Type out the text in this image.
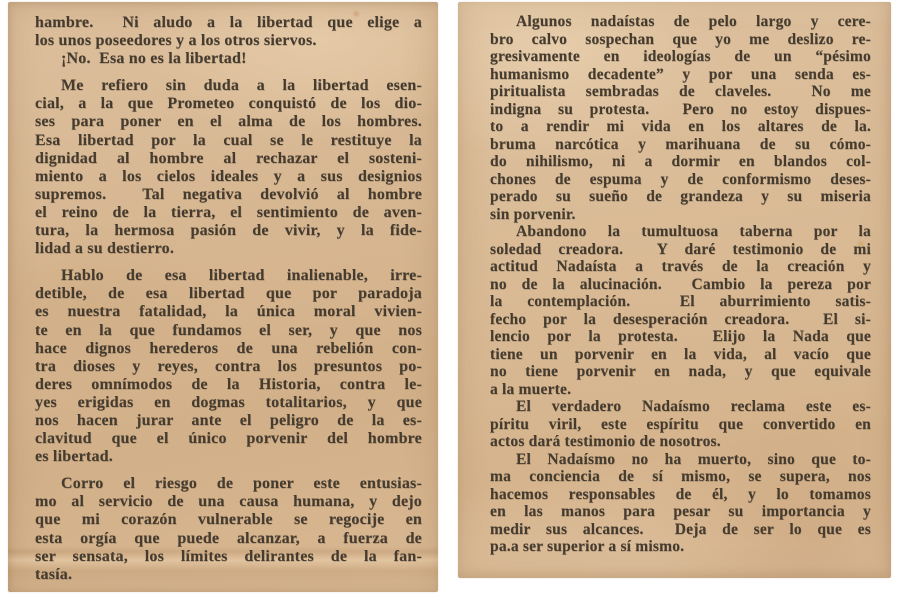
hambre.  Ni aludo a la libertad que elige a
los unos poseedores y a los otros siervos.
¡No.  Esa no es la libertad!
Me refiero sin duda a la libertad esen-
cial, a la que Prometeo conquistó de los dio-
ses para poner en el alma de los hombres.
Esa libertad por la cual se le restituye la
dignidad al hombre al rechazar el sosteni-
miento a los cielos ideales y a sus designios
supremos.  Tal negativa devolvió al hombre
el reino de la tierra, el sentimiento de aven-
tura, la hermosa pasión de vivir, y la fide-
lidad a su destierro.
Hablo de esa libertad inalienable, irre-
detible, de esa libertad que por paradoja
es nuestra fatalidad, la única moral vivien-
te en la que fundamos el ser, y que nos
hace dignos herederos de una rebelión con-
tra dioses y reyes, contra los presuntos po-
deres omnímodos de la Historia, contra le-
yes erigidas en dogmas totalitarios, y que
nos hacen jurar ante el peligro de la es-
clavitud que el único porvenir del hombre
es libertad.
Corro el riesgo de poner este entusias-
mo al servicio de una causa humana, y dejo
que mi corazón vulnerable se regocije en
esta orgía que puede alcanzar, a fuerza de
ser sensata, los límites delirantes de la fan-
tasía.
Algunos nadaístas de pelo largo y cere-
bro calvo sospechan que yo me deslizo re-
gresivamente en ideologías de un “pésimo
humanismo decadente” y por una senda es-
piritualista sembradas de claveles.  No me
indigna su protesta.  Pero no estoy dispues-
to a rendir mi vida en los altares de la.
bruma narcótica y marihuana de su cómo-
do nihilismo, ni a dormir en blandos col-
chones de espuma y de conformismo deses-
perado su sueño de grandeza y su miseria
sin porvenir.
Abandono la tumultuosa taberna por la
soledad creadora.  Y daré testimonio de mi
actitud Nadaísta a través de la creación y
no de la alucinación.  Cambio la pereza por
la contemplación.  El aburrimiento satis-
fecho por la desesperación creadora.  El si-
lencio por la protesta.  Elijo la Nada que
tiene un porvenir en la vida, al vacío que
no tiene porvenir en nada, y que equivale
a la muerte.
El verdadero Nadaísmo reclama este es-
píritu viril, este espíritu que convertido en
actos dará testimonio de nosotros.
El Nadaísmo no ha muerto, sino que to-
ma conciencia de sí mismo, se supera, nos
hacemos responsables de él, y lo tomamos
en las manos para pesar su importancia y
medir sus alcances.  Deja de ser lo que es
pa.a ser superior a sí mismo.
